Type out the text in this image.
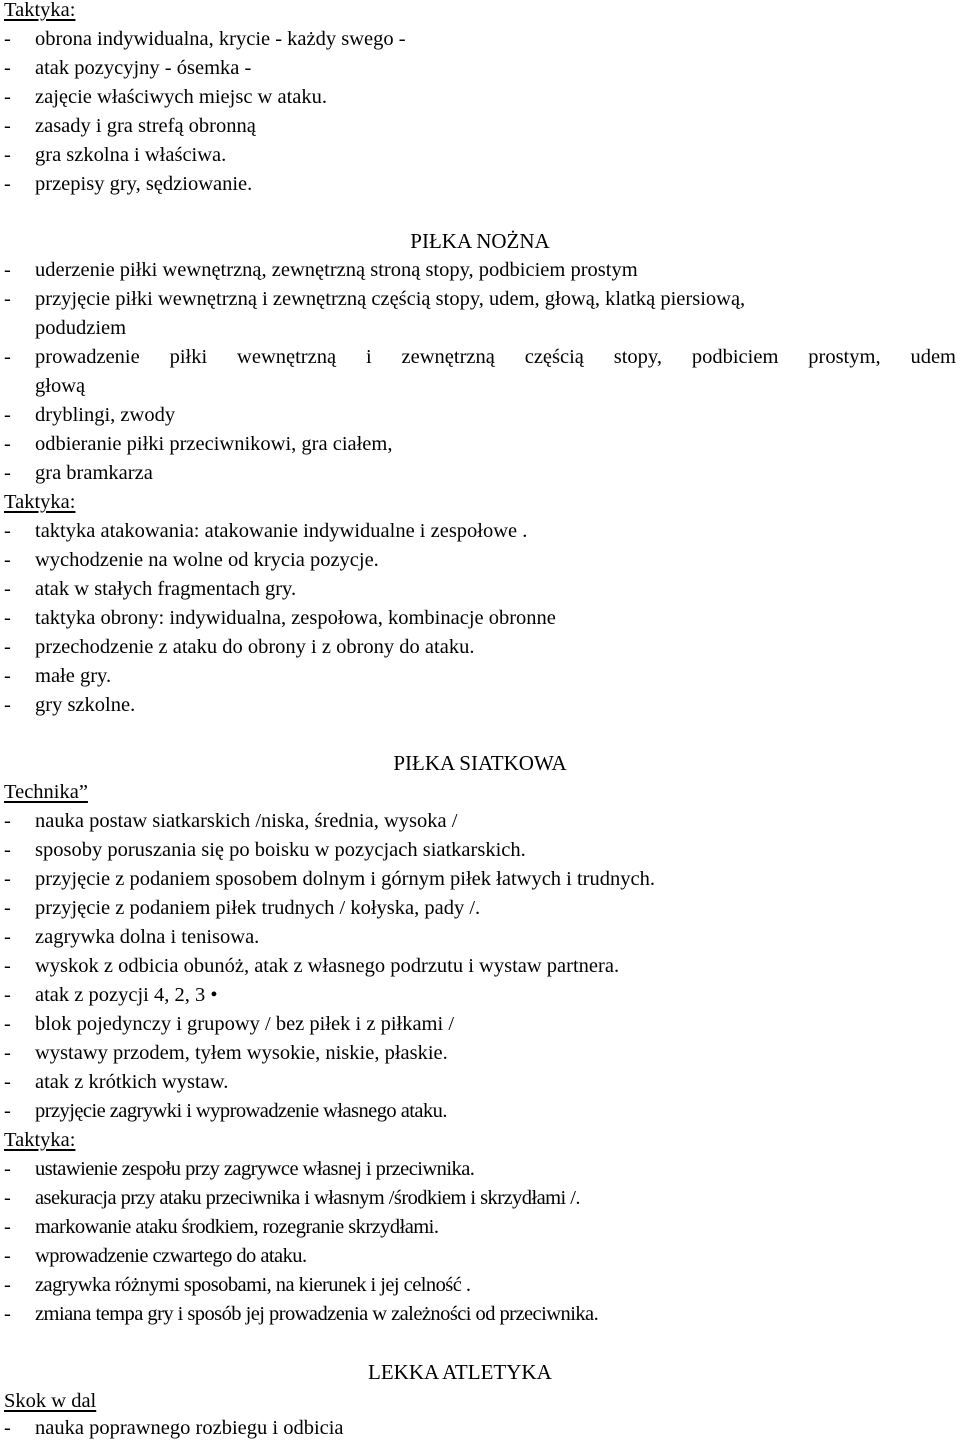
Taktyka:
-	obrona indywidualna, krycie - każdy swego -
-	atak pozycyjny - ósemka -
-	zajęcie właściwych miejsc w ataku.
-	zasady i gra strefą obronną
-	gra szkolna i właściwa.
-	przepisy gry, sędziowanie.
PIŁKA NOŻNA
-	uderzenie piłki wewnętrzną, zewnętrzną stroną stopy, podbiciem prostym
-	przyjęcie piłki wewnętrzną i zewnętrzną częścią stopy, udem, głową, klatką piersiową,
podudziem
-	prowadzenie piłki wewnętrzną i zewnętrzną częścią stopy, podbiciem prostym, udem
głową
-	dryblingi, zwody
-	odbieranie piłki przeciwnikowi, gra ciałem,
-	gra bramkarza
Taktyka:
-	taktyka atakowania: atakowanie indywidualne i zespołowe .
-	wychodzenie na wolne od krycia pozycje.
-	atak w stałych fragmentach gry.
-	taktyka obrony: indywidualna, zespołowa, kombinacje obronne
-	przechodzenie z ataku do obrony i z obrony do ataku.
-	małe gry.
-	gry szkolne.
PIŁKA SIATKOWA
Technika”
-	nauka postaw siatkarskich /niska, średnia, wysoka /
-	sposoby poruszania się po boisku w pozycjach siatkarskich.
-	przyjęcie z podaniem sposobem dolnym i górnym piłek łatwych i trudnych.
-	przyjęcie z podaniem piłek trudnych / kołyska, pady /.
-	zagrywka dolna i tenisowa.
-	wyskok z odbicia obunóż, atak z własnego podrzutu i wystaw partnera.
-	atak z pozycji 4, 2, 3 •
-	blok pojedynczy i grupowy / bez piłek i z piłkami /
-	wystawy przodem, tyłem wysokie, niskie, płaskie.
-	atak z krótkich wystaw.
-	przyjęcie zagrywki i wyprowadzenie własnego ataku.
Taktyka:
-	ustawienie zespołu przy zagrywce własnej i przeciwnika.
-	asekuracja przy ataku przeciwnika i własnym /środkiem i skrzydłami /.
-	markowanie ataku środkiem, rozegranie skrzydłami.
-	wprowadzenie czwartego do ataku.
-	zagrywka różnymi sposobami, na kierunek i jej celność .
-	zmiana tempa gry i sposób jej prowadzenia w zależności od przeciwnika.
LEKKA ATLETYKA
Skok w dal
-	nauka poprawnego rozbiegu i odbicia
